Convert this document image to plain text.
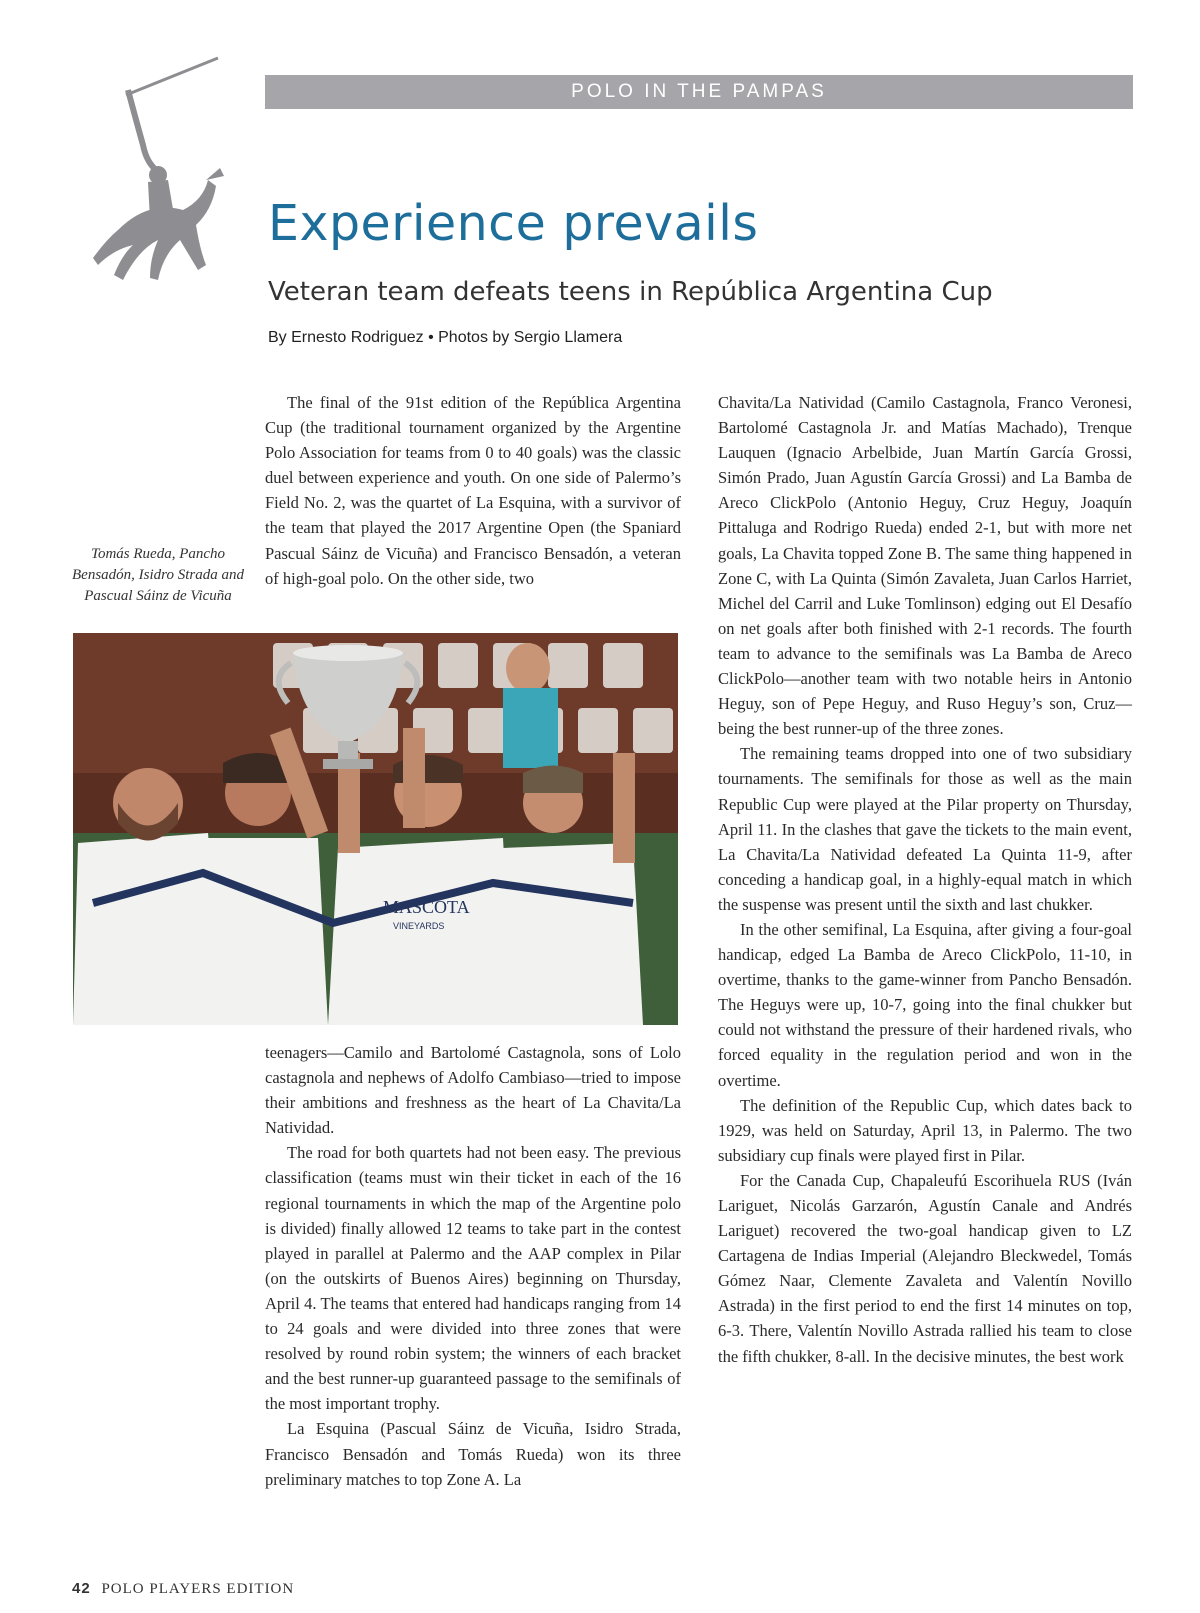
POLO IN THE PAMPAS
Experience prevails
Veteran team defeats teens in República Argentina Cup
By Ernesto Rodriguez • Photos by Sergio Llamera
Tomás Rueda, Pancho Bensadón, Isidro Strada and Pascual Sáinz de Vicuña

The final of the 91st edition of the República Argentina Cup (the traditional tournament organized by the Argentine Polo Association for teams from 0 to 40 goals) was the classic duel between experience and youth. On one side of Palermo’s Field No. 2, was the quartet of La Esquina, with a survivor of the team that played the 2017 Argentine Open (the Spaniard Pascual Sáinz de Vicuña) and Francisco Bensadón, a veteran of high-goal polo. On the other side, two

MASCOTA
VINEYARDS

teenagers—Camilo and Bartolomé Castagnola, sons of Lolo castagnola and nephews of Adolfo Cambiaso—tried to impose their ambitions and freshness as the heart of La Chavita/La Natividad.

The road for both quartets had not been easy. The previous classification (teams must win their ticket in each of the 16 regional tournaments in which the map of the Argentine polo is divided) finally allowed 12 teams to take part in the contest played in parallel at Palermo and the AAP complex in Pilar (on the outskirts of Buenos Aires) beginning on Thursday, April 4. The teams that entered had handicaps ranging from 14 to 24 goals and were divided into three zones that were resolved by round robin system; the winners of each bracket and the best runner-up guaranteed passage to the semifinals of the most important trophy.

La Esquina (Pascual Sáinz de Vicuña, Isidro Strada, Francisco Bensadón and Tomás Rueda) won its three preliminary matches to top Zone A. La

Chavita/La Natividad (Camilo Castagnola, Franco Veronesi, Bartolomé Castagnola Jr. and Matías Machado), Trenque Lauquen (Ignacio Arbelbide, Juan Martín García Grossi, Simón Prado, Juan Agustín García Grossi) and La Bamba de Areco ClickPolo (Antonio Heguy, Cruz Heguy, Joaquín Pittaluga and Rodrigo Rueda) ended 2-1, but with more net goals, La Chavita topped Zone B. The same thing happened in Zone C, with La Quinta (Simón Zavaleta, Juan Carlos Harriet, Michel del Carril and Luke Tomlinson) edging out El Desafío on net goals after both finished with 2-1 records. The fourth team to advance to the semifinals was La Bamba de Areco ClickPolo—another team with two notable heirs in Antonio Heguy, son of Pepe Heguy, and Ruso Heguy’s son, Cruz—being the best runner-up of the three zones.

The remaining teams dropped into one of two subsidiary tournaments. The semifinals for those as well as the main Republic Cup were played at the Pilar property on Thursday, April 11. In the clashes that gave the tickets to the main event, La Chavita/La Natividad defeated La Quinta 11-9, after conceding a handicap goal, in a highly-equal match in which the suspense was present until the sixth and last chukker.

In the other semifinal, La Esquina, after giving a four-goal handicap, edged La Bamba de Areco ClickPolo, 11-10, in overtime, thanks to the game-winner from Pancho Bensadón. The Heguys were up, 10-7, going into the final chukker but could not withstand the pressure of their hardened rivals, who forced equality in the regulation period and won in the overtime.

The definition of the Republic Cup, which dates back to 1929, was held on Saturday, April 13, in Palermo. The two subsidiary cup finals were played first in Pilar.

For the Canada Cup, Chapaleufú Escorihuela RUS (Iván Lariguet, Nicolás Garzarón, Agustín Canale and Andrés Lariguet) recovered the two-goal handicap given to LZ Cartagena de Indias Imperial (Alejandro Bleckwedel, Tomás Gómez Naar, Clemente Zavaleta and Valentín Novillo Astrada) in the first period to end the first 14 minutes on top, 6-3. There, Valentín Novillo Astrada rallied his team to close the fifth chukker, 8-all. In the decisive minutes, the best work

42 POLO PLAYERS EDITION
